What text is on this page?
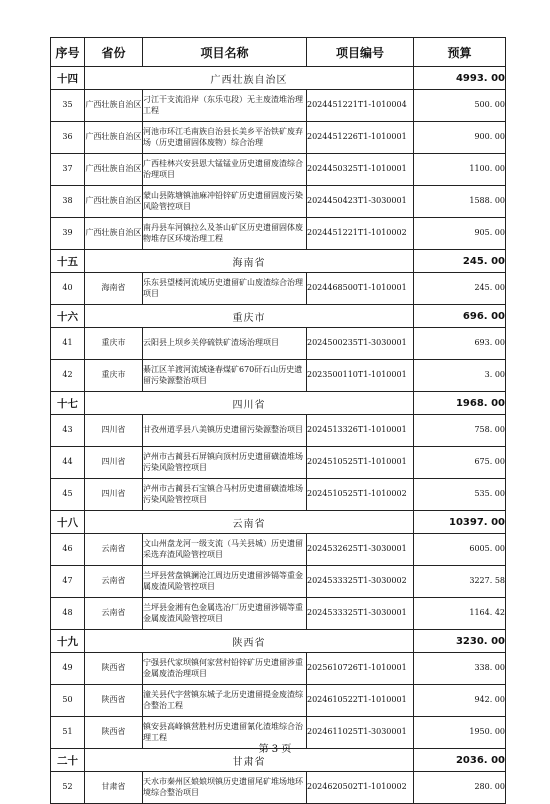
序号	省份	项目名称	项目编号	预算
十四	广西壮族自治区			4993. 00
35	广西壮族自治区	刁江干支流沿岸（东乐屯段）无主废渣堆治理工程	2024451221T1-1010004	500. 00
36	广西壮族自治区	河池市环江毛南族自治县长美乡平治铁矿废弃场（历史遗留固体废物）综合治理	2024451226T1-1010001	900. 00
37	广西壮族自治区	广西桂林兴安县恩大锰锰业历史遗留废渣综合治理项目	2024450325T1-1010001	1100. 00
38	广西壮族自治区	蒙山县陈塘镇油麻冲铅锌矿历史遗留固废污染风险管控项目	2024450423T1-3030001	1588. 00
39	广西壮族自治区	南丹县车河镇拉么及茶山矿区历史遗留固体废物堆存区环境治理工程	2024451221T1-1010002	905. 00
十五	海南省			245. 00
40	海南省	乐东县望楼河流域历史遗留矿山废渣综合治理项目	2024468500T1-1010001	245. 00
十六	重庆市			696. 00
41	重庆市	云阳县上坝乡关停硫铁矿渣场治理项目	2024500235T1-3030001	693. 00
42	重庆市	綦江区羊渡河流域逢春煤矿670矸石山历史遗留污染源整治项目	2023500110T1-1010001	3. 00
十七	四川省			1968. 00
43	四川省	甘孜州道孚县八美镇历史遗留污染源整治项目	2024513326T1-1010001	758. 00
44	四川省	泸州市古蔺县石屏镇向顶村历史遗留磺渣堆场污染风险管控项目	2024510525T1-1010001	675. 00
45	四川省	泸州市古蔺县石宝镇合马村历史遗留磺渣堆场污染风险管控项目	2024510525T1-1010002	535. 00
十八	云南省			10397. 00
46	云南省	文山州盘龙河一级支流（马关县城）历史遗留采选弃渣风险管控项目	2024532625T1-3030001	6005. 00
47	云南省	兰坪县营盘镇澜沧江周边历史遗留涉镉等重金属废渣风险管控项目	2024533325T1-3030002	3227. 58
48	云南省	兰坪县金湘有色金属选冶厂历史遗留涉镉等重金属废渣风险管控项目	2024533325T1-3030001	1164. 42
十九	陕西省			3230. 00
49	陕西省	宁强县代家坝镇何家营村铅锌矿历史遗留涉重金属废渣治理项目	2025610726T1-1010001	338. 00
50	陕西省	潼关县代字营镇东城子北历史遗留提金废渣综合整治工程	2024610522T1-1010001	942. 00
51	陕西省	镇安县高峰镇营胜村历史遗留氰化渣堆综合治理工程	2024611025T1-3030001	1950. 00
二十	甘肃省			2036. 00
52	甘肃省	天水市秦州区娘娘坝镇历史遗留尾矿堆场地环境综合整治项目	2024620502T1-1010002	280. 00
第 3 页
